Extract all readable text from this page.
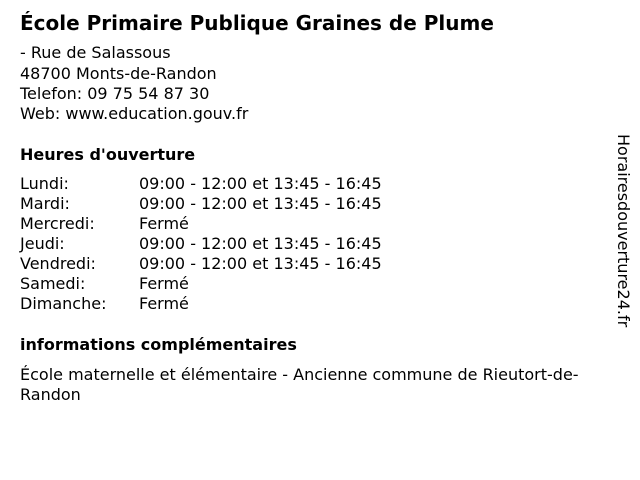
École Primaire Publique Graines de Plume
- Rue de Salassous
48700 Monts-de-Randon
Telefon: 09 75 54 87 30
Web: www.education.gouv.fr
Heures d'ouverture
Lundi:	09:00 - 12:00 et 13:45 - 16:45
Mardi:	09:00 - 12:00 et 13:45 - 16:45
Mercredi:	Fermé
Jeudi:	09:00 - 12:00 et 13:45 - 16:45
Vendredi:	09:00 - 12:00 et 13:45 - 16:45
Samedi:	Fermé
Dimanche: Fermé
informations complémentaires
École maternelle et élémentaire - Ancienne commune de Rieutort-de-Randon
Horairesdouverture24.fr
